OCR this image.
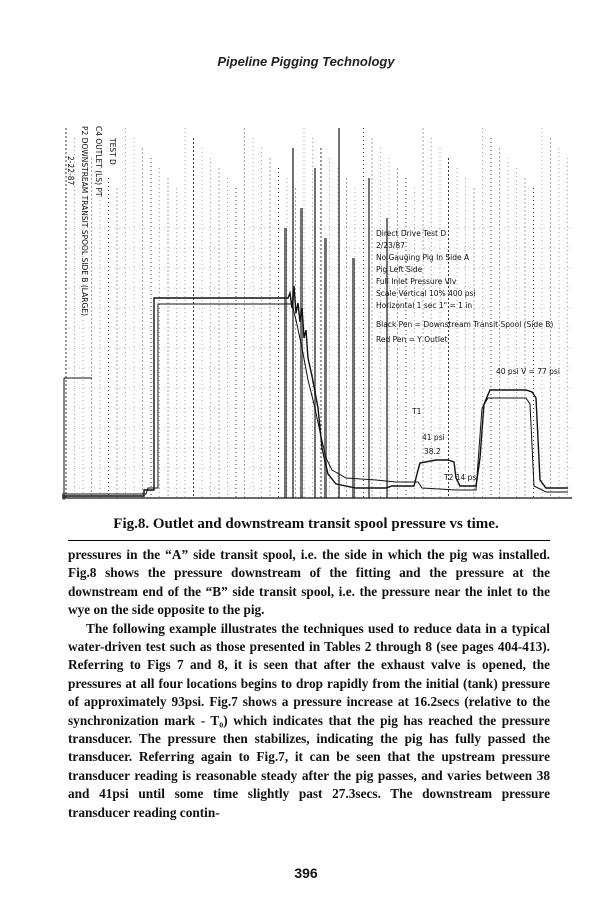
Pipeline Pigging Technology
TEST D
C4 OUTLET (LS) PT
P2 DOWNSTREAM TRANSIT SPOOL SIDE B (LARGE)
2-22-87
Direct Drive Test D
2/23/87
No Gauging Pig In Side A
Pig Left Side
Full Inlet Pressure Vlv
Scale Vertical 10% 400 psi
Horizontal 1 sec 1" = 1 in
Black Pen = Downstream Transit Spool (Side B)
Red Pen = Y Outlet
40 psi V = 77 psi
T1
41 psi
38.2
T2 14 psi
Fig.8. Outlet and downstream transit spool pressure vs time.

pressures in the “A” side transit spool, i.e. the side in which the pig was installed. Fig.8 shows the pressure downstream of the fitting and the pressure at the downstream end of the “B” side transit spool, i.e. the pressure near the inlet to the wye on the side opposite to the pig.

The following example illustrates the techniques used to reduce data in a typical water-driven test such as those presented in Tables 2 through 8 (see pages 404-413). Referring to Figs 7 and 8, it is seen that after the exhaust valve is opened, the pressures at all four locations begins to drop rapidly from the initial (tank) pressure of approximately 93psi. Fig.7 shows a pressure increase at 16.2secs (relative to the synchronization mark - T₀) which indicates that the pig has reached the pressure transducer. The pressure then stabilizes, indicating the pig has fully passed the transducer. Referring again to Fig.7, it can be seen that the upstream pressure transducer reading is reasonable steady after the pig passes, and varies between 38 and 41psi until some time slightly past 27.3secs. The downstream pressure transducer reading contin-

396
